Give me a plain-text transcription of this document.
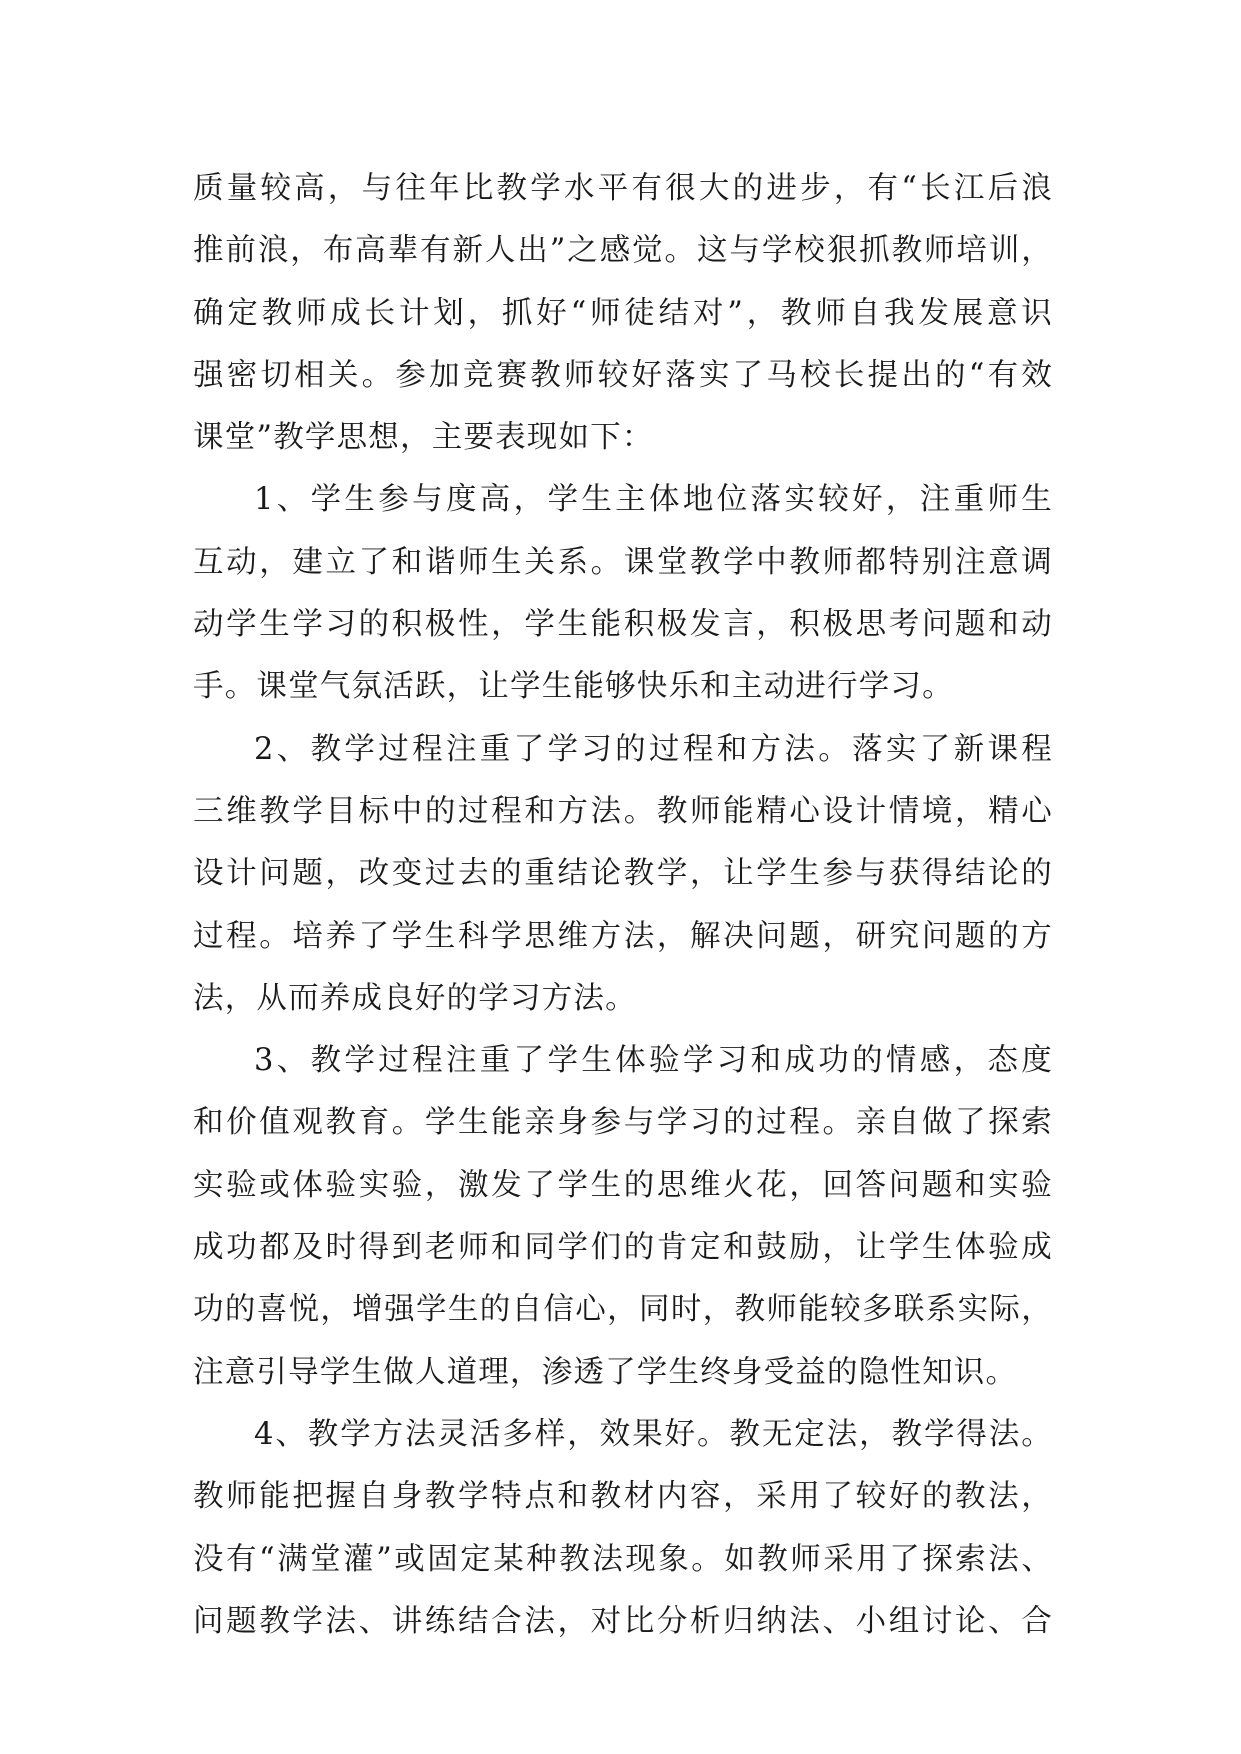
质量较高，与往年比教学水平有很大的进步，有“长江后浪
推前浪，布高辈有新人出”之感觉。这与学校狠抓教师培训，
确定教师成长计划，抓好“师徒结对”，教师自我发展意识
强密切相关。参加竞赛教师较好落实了马校长提出的“有效
课堂”教学思想，主要表现如下：
1、学生参与度高，学生主体地位落实较好，注重师生
互动，建立了和谐师生关系。课堂教学中教师都特别注意调
动学生学习的积极性，学生能积极发言，积极思考问题和动
手。课堂气氛活跃，让学生能够快乐和主动进行学习。
2、教学过程注重了学习的过程和方法。落实了新课程
三维教学目标中的过程和方法。教师能精心设计情境，精心
设计问题，改变过去的重结论教学，让学生参与获得结论的
过程。培养了学生科学思维方法，解决问题，研究问题的方
法，从而养成良好的学习方法。
3、教学过程注重了学生体验学习和成功的情感，态度
和价值观教育。学生能亲身参与学习的过程。亲自做了探索
实验或体验实验，激发了学生的思维火花，回答问题和实验
成功都及时得到老师和同学们的肯定和鼓励，让学生体验成
功的喜悦，增强学生的自信心，同时，教师能较多联系实际，
注意引导学生做人道理，渗透了学生终身受益的隐性知识。
4、教学方法灵活多样，效果好。教无定法，教学得法。
教师能把握自身教学特点和教材内容，采用了较好的教法，
没有“满堂灌”或固定某种教法现象。如教师采用了探索法、
问题教学法、讲练结合法，对比分析归纳法、小组讨论、合
